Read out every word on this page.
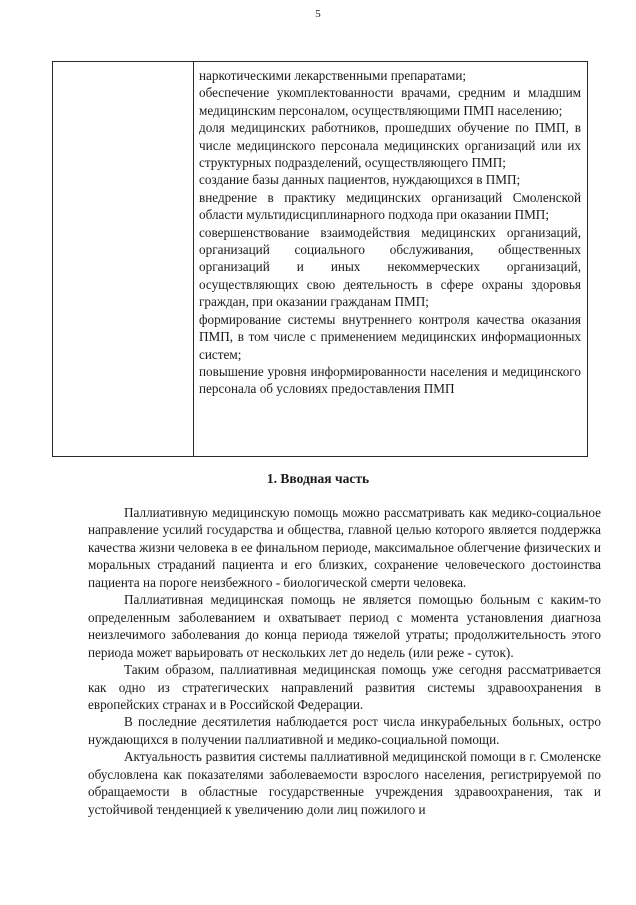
5

наркотическими лекарственными препаратами;

обеспечение укомплектованности врачами, средним и младшим медицинским персоналом, осуществляющими ПМП населению;

доля медицинских работников, прошедших обучение по ПМП, в числе медицинского персонала медицинских организаций или их структурных подразделений, осуществляющего ПМП;

создание базы данных пациентов, нуждающихся в ПМП;

внедрение в практику медицинских организаций Смоленской области мультидисциплинарного подхода при оказании ПМП;

совершенствование взаимодействия медицинских организаций, организаций социального обслуживания, общественных организаций и иных некоммерческих организаций, осуществляющих свою деятельность в сфере охраны здоровья граждан, при оказании гражданам ПМП;

формирование системы внутреннего контроля качества оказания ПМП, в том числе с применением медицинских информационных систем;

повышение уровня информированности населения и медицинского персонала об условиях предоставления ПМП

1. Вводная часть

Паллиативную медицинскую помощь можно рассматривать как медико-социальное направление усилий государства и общества, главной целью которого является поддержка качества жизни человека в ее финальном периоде, максимальное облегчение физических и моральных страданий пациента и его близких, сохранение человеческого достоинства пациента на пороге неизбежного - биологической смерти человека.

Паллиативная медицинская помощь не является помощью больным с каким-то определенным заболеванием и охватывает период с момента установления диагноза неизлечимого заболевания до конца периода тяжелой утраты; продолжительность этого периода может варьировать от нескольких лет до недель (или реже - суток).

Таким образом, паллиативная медицинская помощь уже сегодня рассматривается как одно из стратегических направлений развития системы здравоохранения в европейских странах и в Российской Федерации.

В последние десятилетия наблюдается рост числа инкурабельных больных, остро нуждающихся в получении паллиативной и медико-социальной помощи.

Актуальность развития системы паллиативной медицинской помощи в г. Смоленске обусловлена как показателями заболеваемости взрослого населения, регистрируемой по обращаемости в областные государственные учреждения здравоохранения, так и устойчивой тенденцией к увеличению доли лиц пожилого и
